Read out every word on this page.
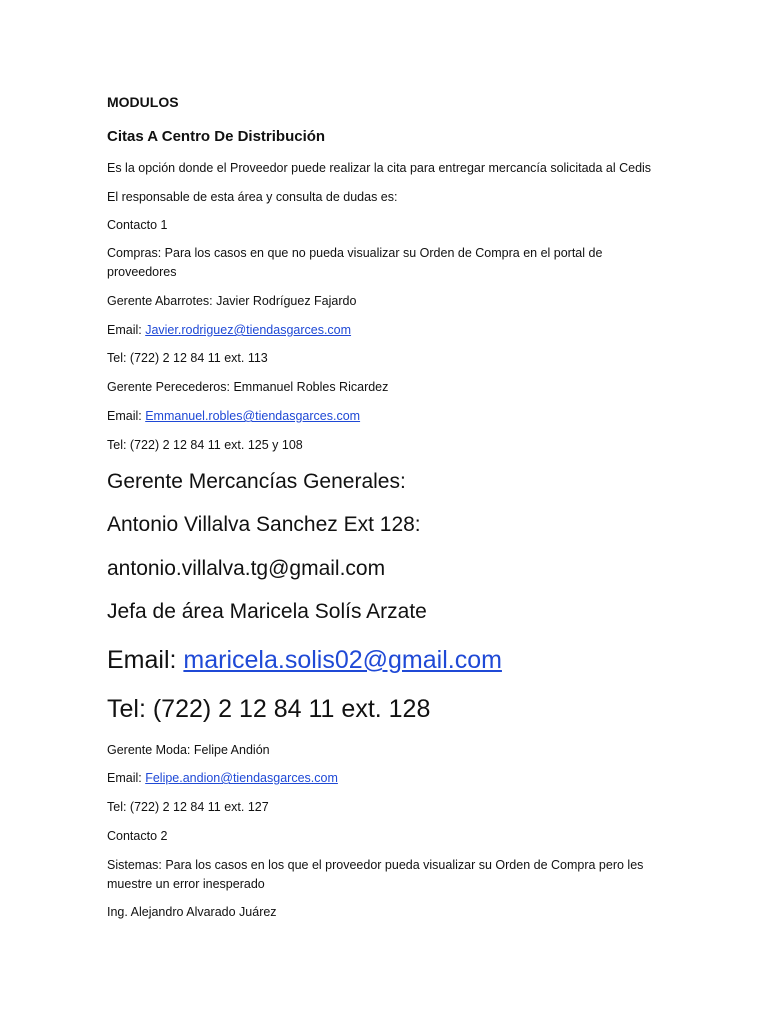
MODULOS

Citas A Centro De Distribución

Es la opción donde el Proveedor puede realizar la cita para entregar mercancía solicitada al Cedis

El responsable de esta área y consulta de dudas es:

Contacto 1

Compras: Para los casos en que no pueda visualizar su Orden de Compra en el portal de proveedores

Gerente Abarrotes: Javier Rodríguez Fajardo

Email: Javier.rodriguez@tiendasgarces.com

Tel: (722) 2 12 84 11 ext. 113

Gerente Perecederos: Emmanuel Robles Ricardez

Email: Emmanuel.robles@tiendasgarces.com

Tel: (722) 2 12 84 11 ext. 125 y 108

Gerente Mercancías Generales:

Antonio Villalva Sanchez Ext 128:

antonio.villalva.tg@gmail.com

Jefa de área Maricela Solís Arzate

Email: maricela.solis02@gmail.com

Tel: (722) 2 12 84 11 ext. 128

Gerente Moda: Felipe Andión

Email: Felipe.andion@tiendasgarces.com

Tel: (722) 2 12 84 11 ext. 127

Contacto 2

Sistemas: Para los casos en los que el proveedor pueda visualizar su Orden de Compra pero les muestre un error inesperado

Ing. Alejandro Alvarado Juárez
